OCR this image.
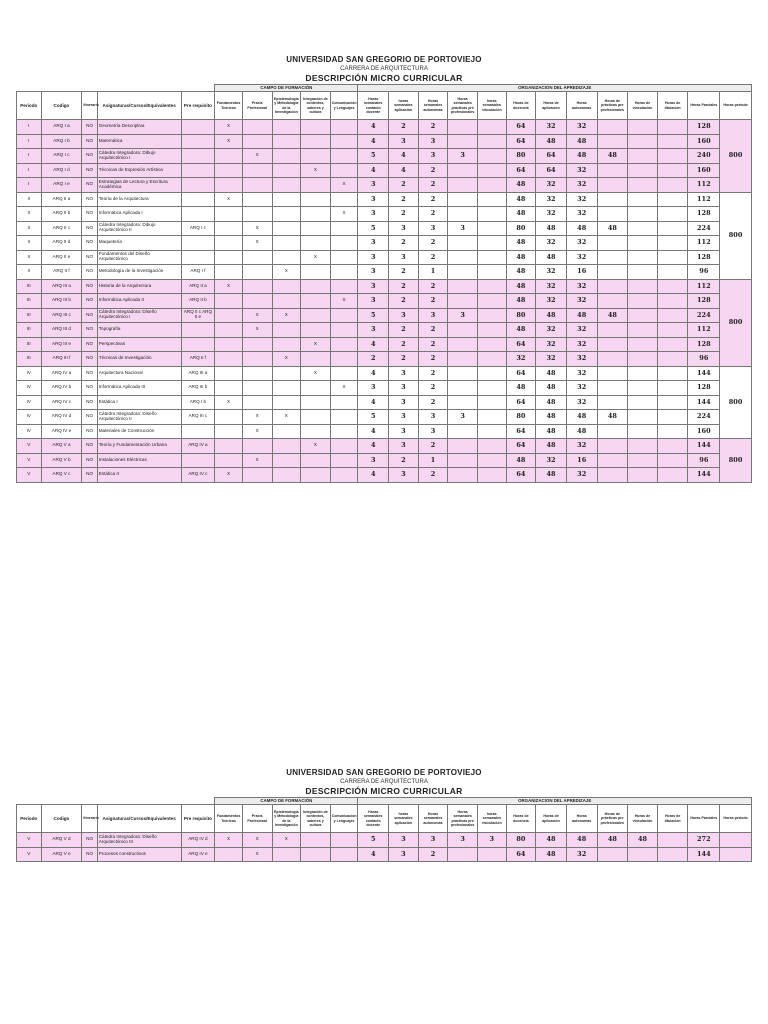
UNIVERSIDAD SAN GREGORIO DE PORTOVIEJO
CARRERA DE ARQUITECTURA
DESCRIPCIÓN MICRO CURRICULAR
					CAMPO DE FORMACIÓN					ORGANIZACION DEL APREDIZAJE												
Periodo	Codigo	Itinerario	Asignaturas/Cursos/Equivalentes	Pre requisito	Fundamentos Teóricos	Praxis Profesional	Epistemología y Metodología de la Investigación	Integración de contextos, saberes y cultura	Comunicación y Lenguajes	Horas semanales contacto docente	horas semanales aplicación	Horas semanales autonomas	Horas semanales prácticas pre profesionales	horas semanales vinculación	Horas de docencia	Horas de aplicación	Horas autonomas	Horas de prácticas pre profesionales	Horas de vinculación	Horas de titulación	Horas Parciales	Horas periodo
I	ARQ I a	NO	Geometría Descriptiva		X					4	2	2			64	32	32				128	800
I	ARQ I b	NO	Matemática		X					4	3	3			64	48	48				160	
I	ARQ I c	NO	Cátedra Integradora: Dibujo Arquitectónico I			X				5	4	3	3		80	64	48	48			240	
I	ARQ I d	NO	Técnicas de Expresión Artística					X		4	4	2			64	64	32				160	
I	ARQ I e	NO	Estrategias de Lectura y Escritura Académica						X	3	2	2			48	32	32				112	
II	ARQ II a	NO	Teoría de la Arquitectura		X					3	2	2			48	32	32				112	800
II	ARQ II b	NO	Informática Aplicada I						X	3	2	2			48	32	32				128	
II	ARQ II c	NO	Cátedra Integradora: Dibujo Arquitectónico II	ARQ I c		X				5	3	3	3		80	48	48	48			224	
II	ARQ II d	NO	Maquetería			X				3	2	2			48	32	32				112	
II	ARQ II e	NO	Fundamentos del Diseño Arquitectónico					X		3	3	2			48	48	32				128	
II	ARQ II f	NO	Metodología de la Investigación	ARQ I f			X			3	2	1			48	32	16				96	
III	ARQ III a	NO	Historia de la Arquitectura	ARQ II a	X					3	2	2			48	32	32				112	800
III	ARQ III b	NO	Informática Aplicada II	ARQ II b					X	3	2	2			48	32	32				128	
III	ARQ III c	NO	Cátedra Integradora: Diseño Arquitectónico I	ARQ II c ARQ II e		X	X			5	3	3	3		80	48	48	48			224	
III	ARQ III d	NO	Topografía			X				3	2	2			48	32	32				112	
III	ARQ III e	NO	Perspectivas					X		4	2	2			64	32	32				128	
III	ARQ III f	NO	Técnicas de Investigación	ARQ II f			X			2	2	2			32	32	32				96	
IV	ARQ IV a	NO	Arquitectura Nacional	ARQ III a				X		4	3	2			64	48	32				144	800
IV	ARQ IV b	NO	Informática Aplicada III	ARQ III b					X	3	3	2			48	48	32				128	
IV	ARQ IV c	NO	Estática I	ARQ I b	X					4	3	2			64	48	32				144	
IV	ARQ IV d	NO	Cátedra Integradora: Diseño Arquitectónico II	ARQ III c		X	X			5	3	3	3		80	48	48	48			224	
IV	ARQ IV e	NO	Materiales de Construcción			X				4	3	3			64	48	48				160	
V	ARQ V a	NO	Teoría y Fundamentación Urbana	ARQ IV a				X		4	3	2			64	48	32				144	800
V	ARQ V b	NO	Instalaciones Eléctricas			X				3	2	1			48	32	16				96	
V	ARQ V c	NO	Estática II	ARQ IV c	X					4	3	2			64	48	32				144	
UNIVERSIDAD SAN GREGORIO DE PORTOVIEJO
CARRERA DE ARQUITECTURA
DESCRIPCIÓN MICRO CURRICULAR
					CAMPO DE FORMACIÓN					ORGANIZACION DEL APREDIZAJE												
Periodo	Codigo	Itinerario	Asignaturas/Cursos/Equivalentes	Pre requisito	Fundamentos Teóricos	Praxis Profesional	Epistemología y Metodología de la Investigación	Integración de contextos, saberes y cultura	Comunicación y Lenguajes	Horas semanales contacto docente	horas semanales aplicación	Horas semanales autonomas	Horas semanales prácticas pre profesionales	horas semanales vinculación	Horas de docencia	Horas de aplicación	Horas autonomas	Horas de prácticas pre profesionales	Horas de vinculación	Horas de titulación	Horas Parciales	Horas periodo
V	ARQ V d	NO	Cátedra Integradora: Diseño Arquitectónico III	ARQ IV d	X	X	X			5	3	3	3	3	80	48	48	48	48		272	
V	ARQ V e	NO	Procesos constructivos	ARQ IV e		X				4	3	2			64	48	32				144	
